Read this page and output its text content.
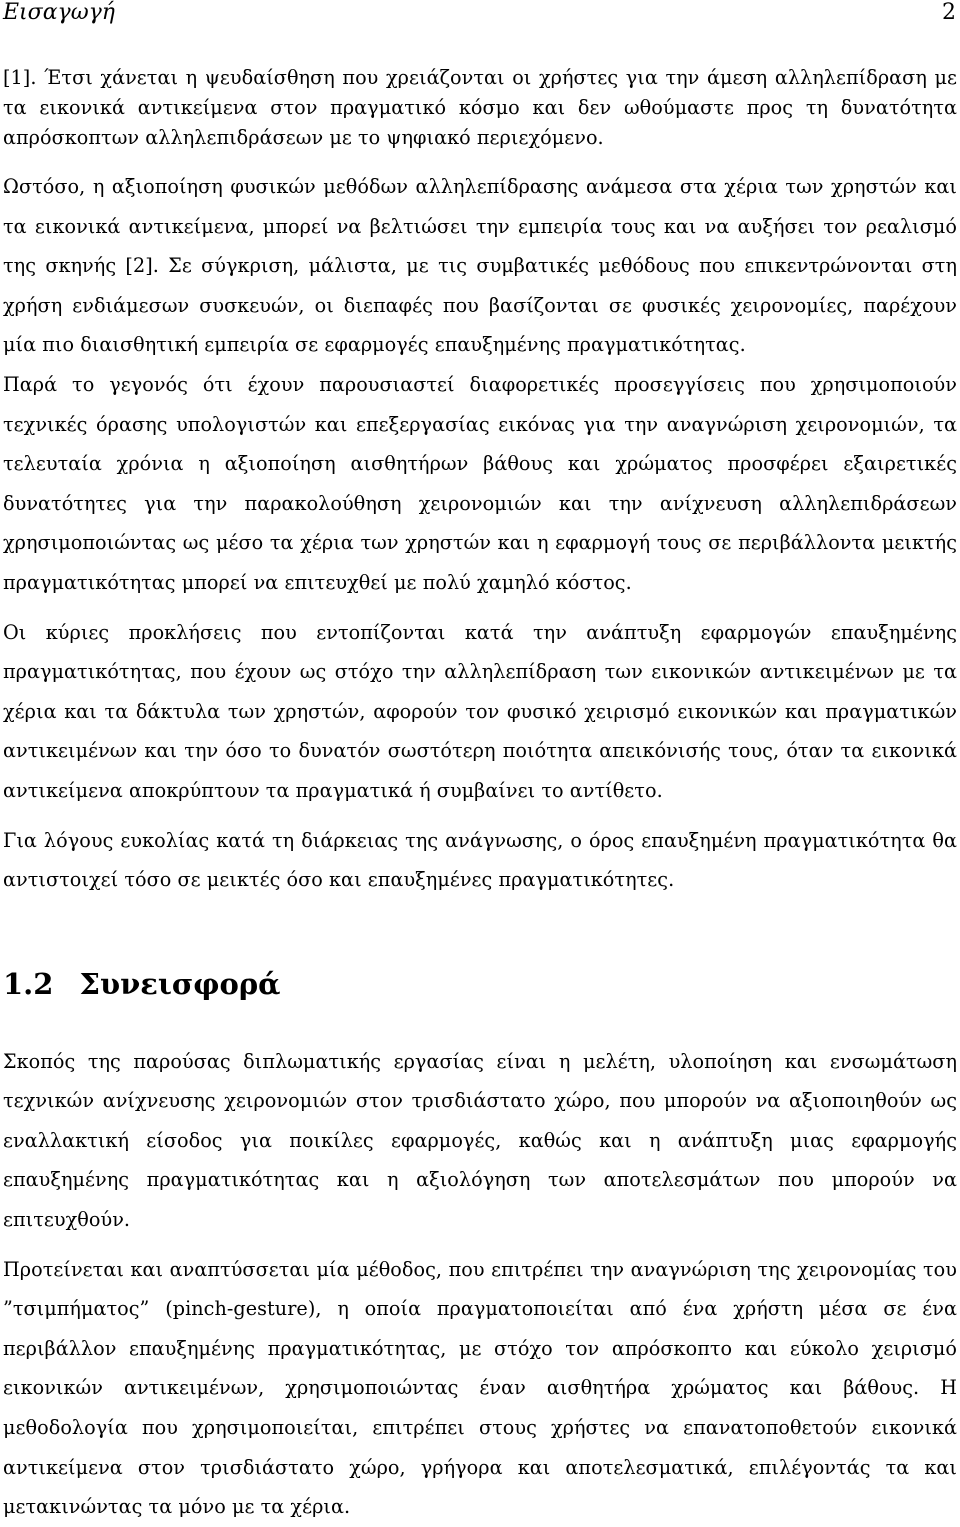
Εισαγωγή	2

[1]. Έτσι χάνεται η ψευδαίσθηση που χρειάζονται οι χρήστες για την άμεση αλληλεπίδραση με τα εικονικά αντικείμενα στον πραγματικό κόσμο και δεν ωθούμαστε προς τη δυνατότητα απρόσκοπτων αλληλεπιδράσεων με το ψηφιακό περιεχόμενο.

Ωστόσο, η αξιοποίηση φυσικών μεθόδων αλληλεπίδρασης ανάμεσα στα χέρια των χρηστών και τα εικονικά αντικείμενα, μπορεί να βελτιώσει την εμπειρία τους και να αυξήσει τον ρεαλισμό της σκηνής [2]. Σε σύγκριση, μάλιστα, με τις συμβατικές μεθόδους που επικεντρώνονται στη χρήση ενδιάμεσων συσκευών, οι διεπαφές που βασίζονται σε φυσικές χειρονομίες, παρέχουν μία πιο διαισθητική εμπειρία σε εφαρμογές επαυξημένης πραγματικότητας.

Παρά το γεγονός ότι έχουν παρουσιαστεί διαφορετικές προσεγγίσεις που χρησιμοποιούν τεχνικές όρασης υπολογιστών και επεξεργασίας εικόνας για την αναγνώριση χειρονομιών, τα τελευταία χρόνια η αξιοποίηση αισθητήρων βάθους και χρώματος προσφέρει εξαιρετικές δυνατότητες για την παρακολούθηση χειρονομιών και την ανίχνευση αλληλεπιδράσεων χρησιμοποιώντας ως μέσο τα χέρια των χρηστών και η εφαρμογή τους σε περιβάλλοντα μεικτής πραγματικότητας μπορεί να επιτευχθεί με πολύ χαμηλό κόστος.

Οι κύριες προκλήσεις που εντοπίζονται κατά την ανάπτυξη εφαρμογών επαυξημένης πραγματικότητας, που έχουν ως στόχο την αλληλεπίδραση των εικονικών αντικειμένων με τα χέρια και τα δάκτυλα των χρηστών, αφορούν τον φυσικό χειρισμό εικονικών και πραγματικών αντικειμένων και την όσο το δυνατόν σωστότερη ποιότητα απεικόνισής τους, όταν τα εικονικά αντικείμενα αποκρύπτουν τα πραγματικά ή συμβαίνει το αντίθετο.

Για λόγους ευκολίας κατά τη διάρκειας της ανάγνωσης, ο όρος επαυξημένη πραγματικότητα θα αντιστοιχεί τόσο σε μεικτές όσο και επαυξημένες πραγματικότητες.

1.2 Συνεισφορά

Σκοπός της παρούσας διπλωματικής εργασίας είναι η μελέτη, υλοποίηση και ενσωμάτωση τεχνικών ανίχνευσης χειρονομιών στον τρισδιάστατο χώρο, που μπορούν να αξιοποιηθούν ως εναλλακτική είσοδος για ποικίλες εφαρμογές, καθώς και η ανάπτυξη μιας εφαρμογής επαυξημένης πραγματικότητας και η αξιολόγηση των αποτελεσμάτων που μπορούν να επιτευχθούν.

Προτείνεται και αναπτύσσεται μία μέθοδος, που επιτρέπει την αναγνώριση της χειρονομίας του ”τσιμπήματος” (pinch-gesture), η οποία πραγματοποιείται από ένα χρήστη μέσα σε ένα περιβάλλον επαυξημένης πραγματικότητας, με στόχο τον απρόσκοπτο και εύκολο χειρισμό εικονικών αντικειμένων, χρησιμοποιώντας έναν αισθητήρα χρώματος και βάθους. Η μεθοδολογία που χρησιμοποιείται, επιτρέπει στους χρήστες να επανατοποθετούν εικονικά αντικείμενα στον τρισδιάστατο χώρο, γρήγορα και αποτελεσματικά, επιλέγοντάς τα και μετακινώντας τα μόνο με τα χέρια.
